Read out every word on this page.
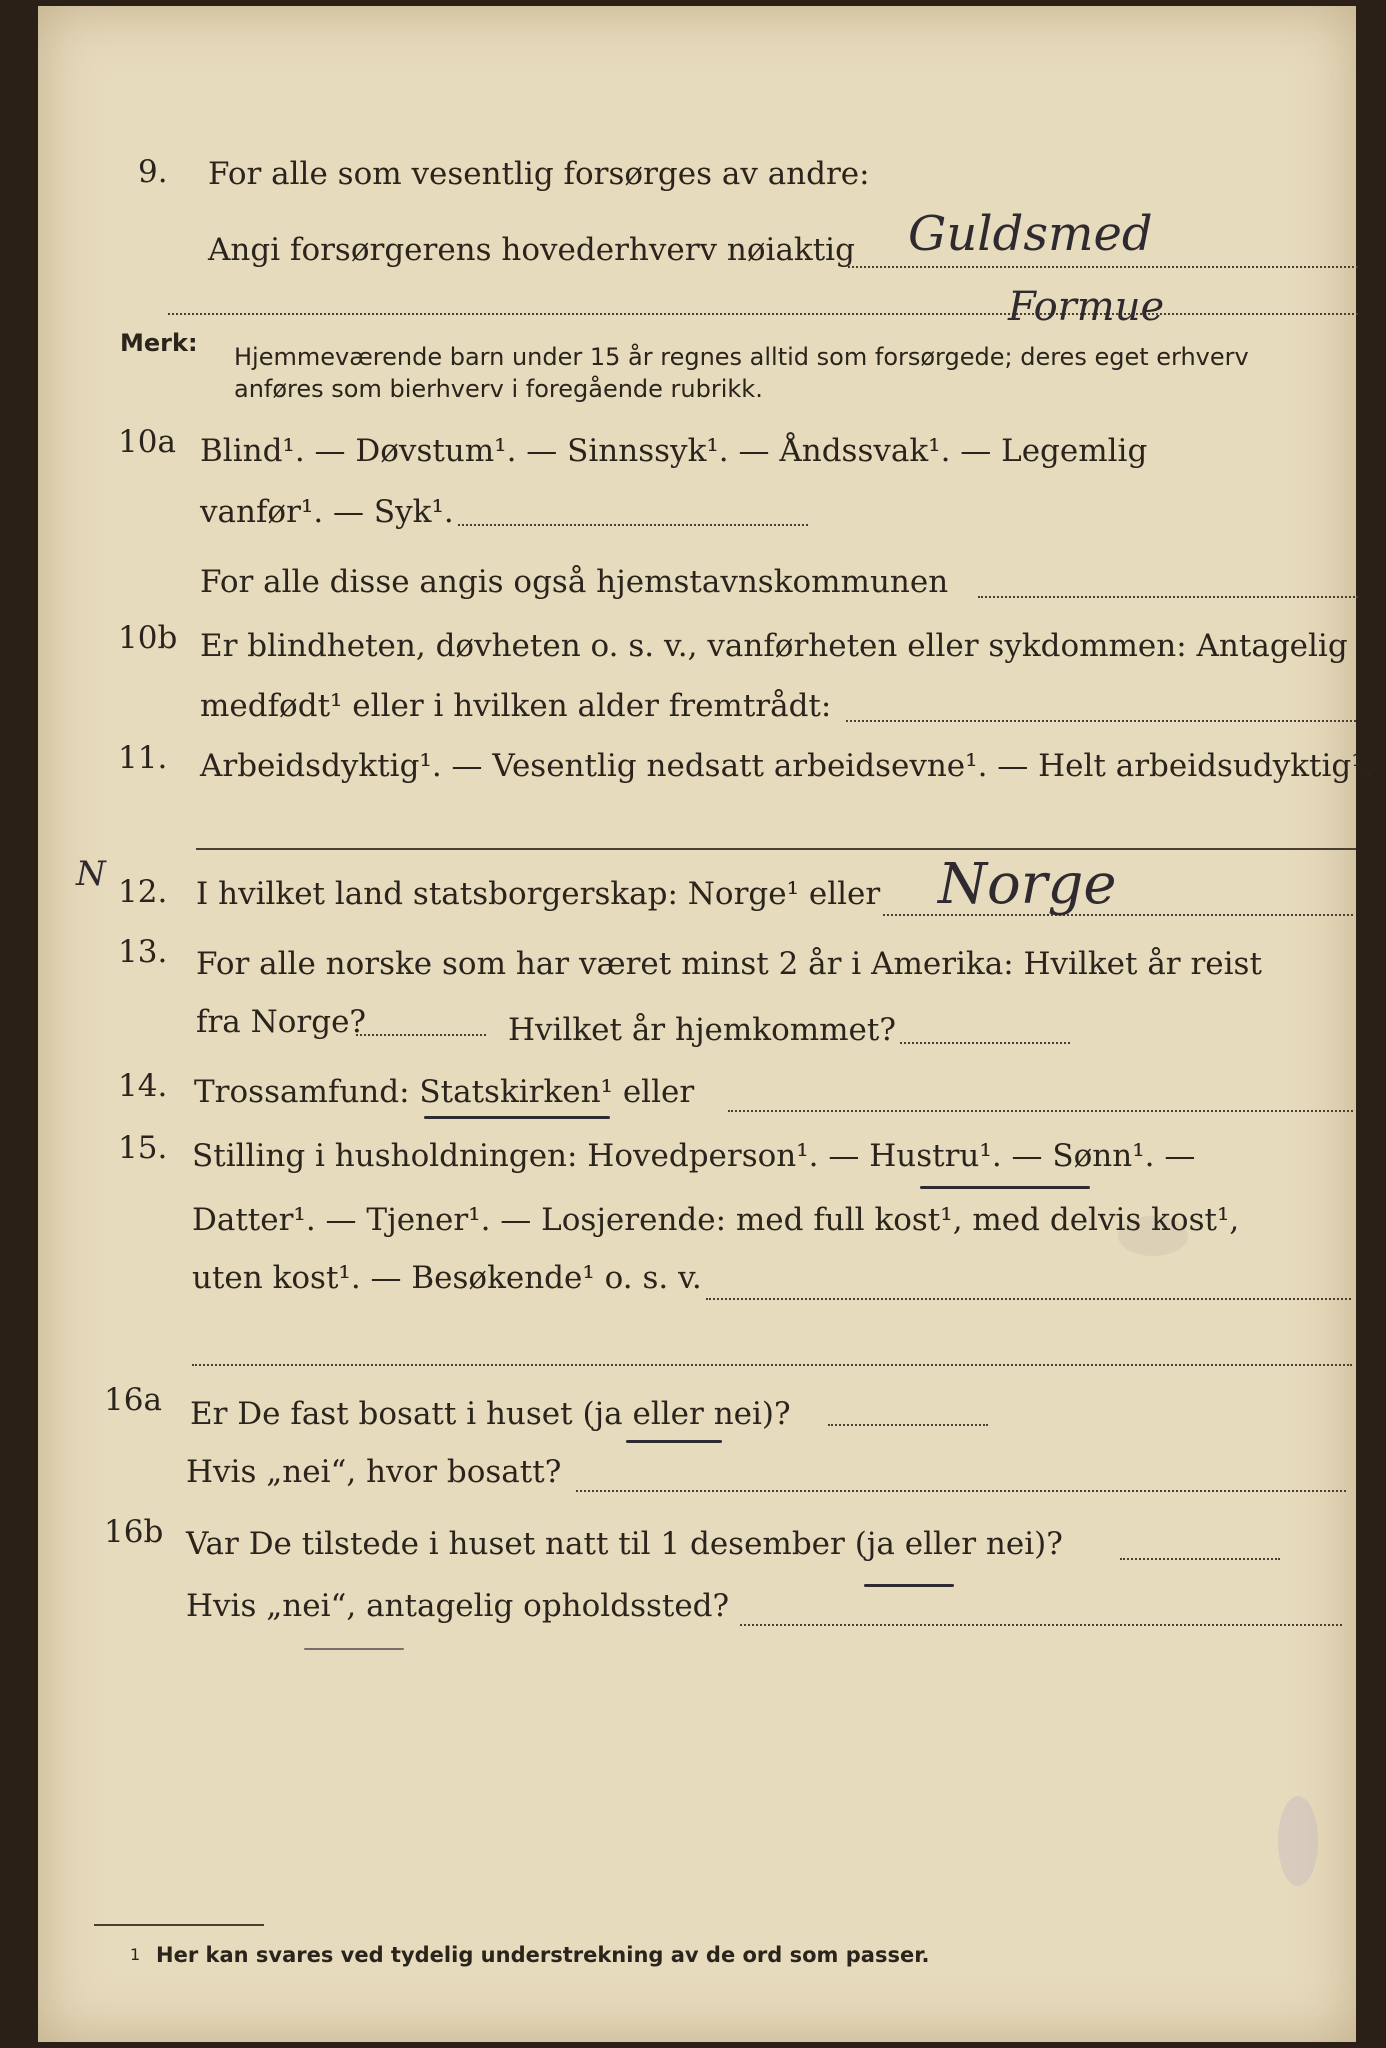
9. For alle som vesentlig forsørges av andre:
Angi forsørgerens hovederhverv nøiaktig	Guldsmed
Formue
Merk: Hjemmeværende barn under 15 år regnes alltid som forsørgede; deres eget erhverv
anføres som bierhverv i foregående rubrikk.
10a Blind¹. — Døvstum¹. — Sinnssyk¹. — Åndssvak¹. — Legemlig
vanfør¹. — Syk¹.
For alle disse angis også hjemstavnskommunen
10b Er blindheten, døvheten o. s. v., vanførheten eller sykdommen: Antagelig
medfødt¹ eller i hvilken alder fremtrådt:
11. Arbeidsdyktig¹. — Vesentlig nedsatt arbeidsevne¹. — Helt arbeidsudyktig¹.
N 12. I hvilket land statsborgerskap: Norge¹ eller	Norge
13. For alle norske som har været minst 2 år i Amerika: Hvilket år reist
fra Norge?	Hvilket år hjemkommet?
14. Trossamfund: Statskirken¹ eller
15. Stilling i husholdningen: Hovedperson¹. — Hustru¹. — Sønn¹. —
Datter¹. — Tjener¹. — Losjerende: med full kost¹, med delvis kost¹,
uten kost¹. — Besøkende¹ o. s. v.
16a Er De fast bosatt i huset (ja eller nei)?
Hvis „nei“, hvor bosatt?
16b Var De tilstede i huset natt til 1 desember (ja eller nei)?
Hvis „nei“, antagelig opholdssted?
1 Her kan svares ved tydelig understrekning av de ord som passer.
